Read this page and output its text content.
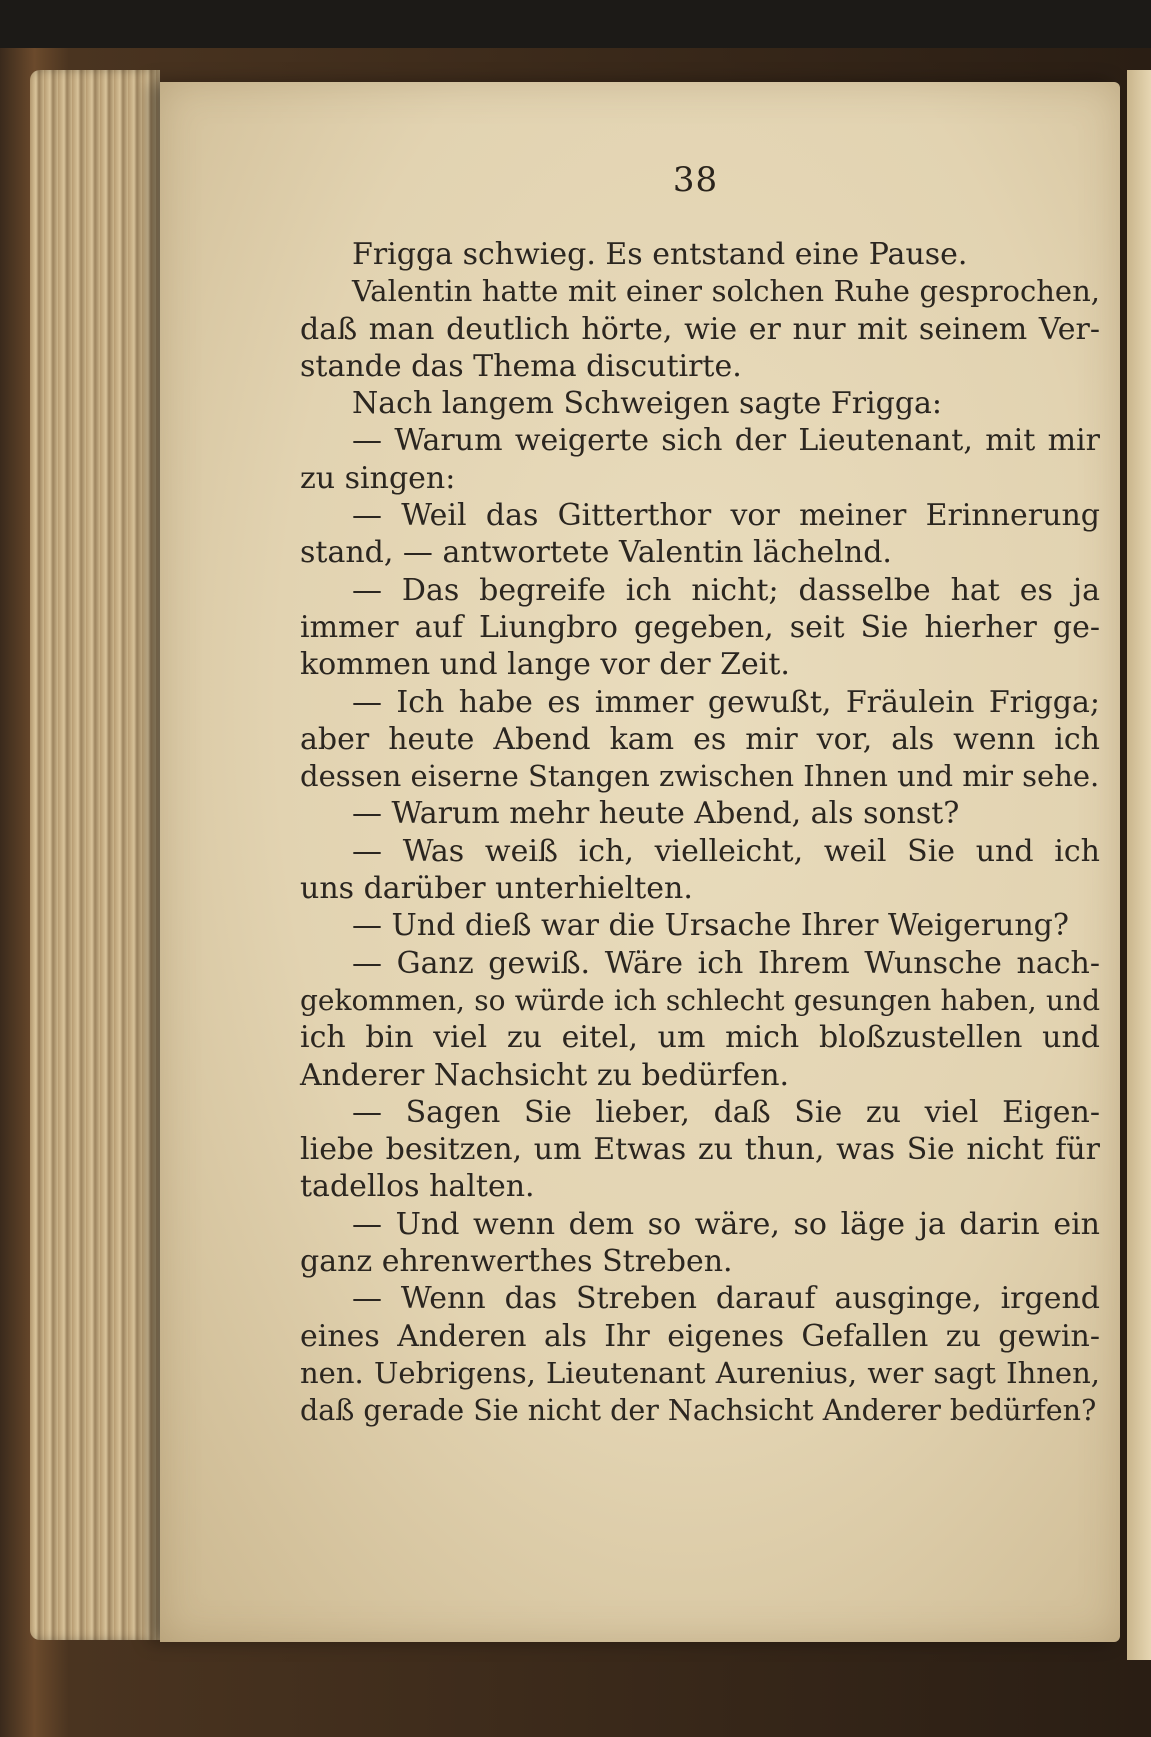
38
Frigga schwieg. Es entstand eine Pause.
Valentin hatte mit einer solchen Ruhe gesprochen,
daß man deutlich hörte, wie er nur mit seinem Ver-
stande das Thema discutirte.
Nach langem Schweigen sagte Frigga:
— Warum weigerte sich der Lieutenant, mit mir
zu singen:
— Weil das Gitterthor vor meiner Erinnerung
stand, — antwortete Valentin lächelnd.
— Das begreife ich nicht; dasselbe hat es ja
immer auf Liungbro gegeben, seit Sie hierher ge-
kommen und lange vor der Zeit.
— Ich habe es immer gewußt, Fräulein Frigga;
aber heute Abend kam es mir vor, als wenn ich
dessen eiserne Stangen zwischen Ihnen und mir sehe.
— Warum mehr heute Abend, als sonst?
— Was weiß ich, vielleicht, weil Sie und ich
uns darüber unterhielten.
— Und dieß war die Ursache Ihrer Weigerung?
— Ganz gewiß. Wäre ich Ihrem Wunsche nach-
gekommen, so würde ich schlecht gesungen haben, und
ich bin viel zu eitel, um mich bloßzustellen und
Anderer Nachsicht zu bedürfen.
— Sagen Sie lieber, daß Sie zu viel Eigen-
liebe besitzen, um Etwas zu thun, was Sie nicht für
tadellos halten.
— Und wenn dem so wäre, so läge ja darin ein
ganz ehrenwerthes Streben.
— Wenn das Streben darauf ausginge, irgend
eines Anderen als Ihr eigenes Gefallen zu gewin-
nen. Uebrigens, Lieutenant Aurenius, wer sagt Ihnen,
daß gerade Sie nicht der Nachsicht Anderer bedürfen?
